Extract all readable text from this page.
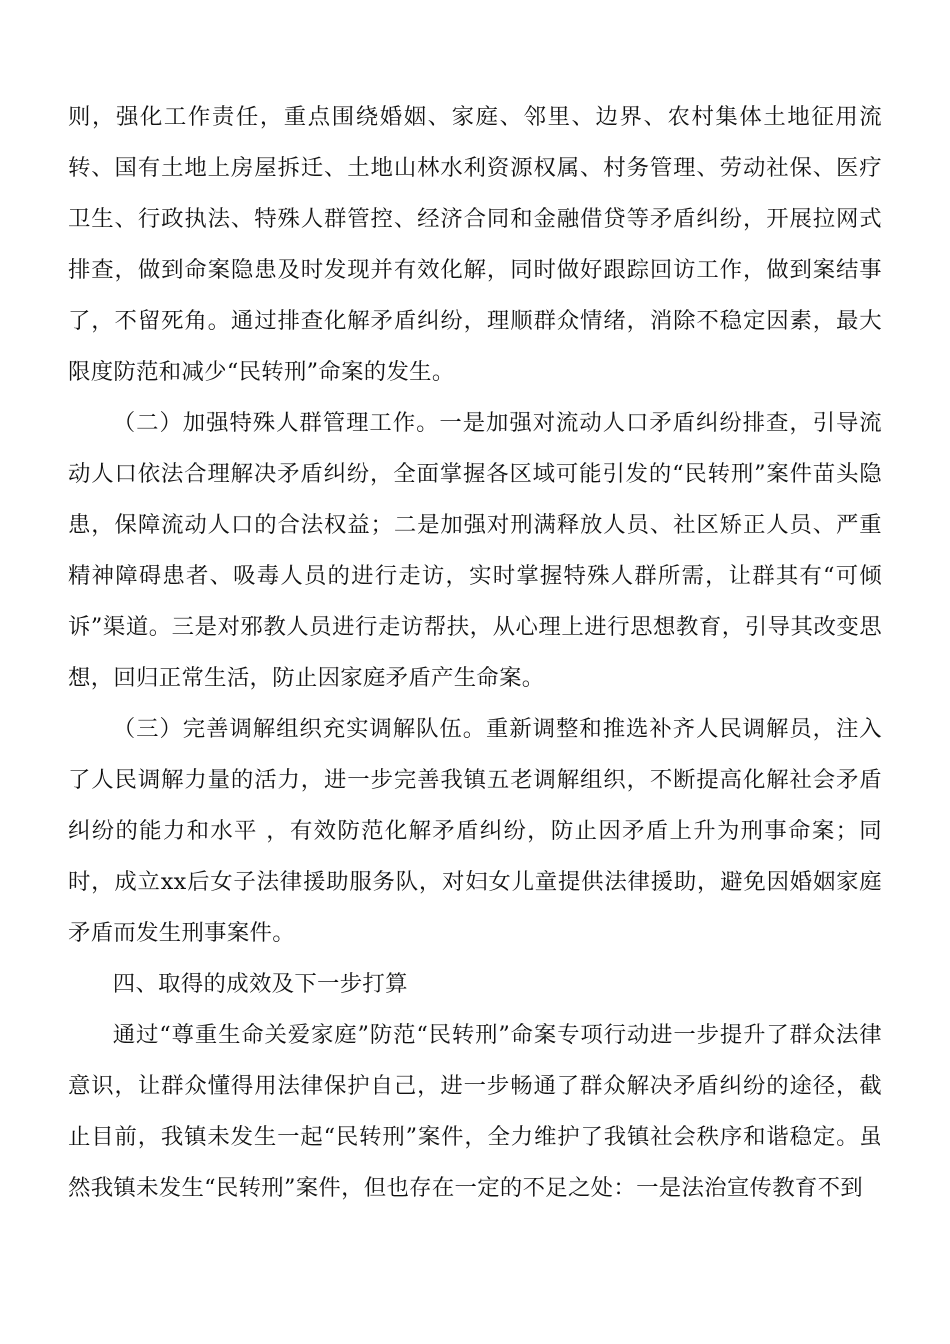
则，强化工作责任，重点围绕婚姻、家庭、邻里、边界、农村集体土地征用流转、国有土地上房屋拆迁、土地山林水利资源权属、村务管理、劳动社保、医疗卫生、行政执法、特殊人群管控、经济合同和金融借贷等矛盾纠纷，开展拉网式排查，做到命案隐患及时发现并有效化解，同时做好跟踪回访工作，做到案结事了，不留死角。通过排查化解矛盾纠纷，理顺群众情绪，消除不稳定因素，最大限度防范和减少“民转刑”命案的发生。

（二）加强特殊人群管理工作。一是加强对流动人口矛盾纠纷排查，引导流动人口依法合理解决矛盾纠纷，全面掌握各区域可能引发的“民转刑”案件苗头隐患，保障流动人口的合法权益；二是加强对刑满释放人员、社区矫正人员、严重精神障碍患者、吸毒人员的进行走访，实时掌握特殊人群所需，让群其有“可倾诉”渠道。三是对邪教人员进行走访帮扶，从心理上进行思想教育，引导其改变思想，回归正常生活，防止因家庭矛盾产生命案。

（三）完善调解组织充实调解队伍。重新调整和推选补齐人民调解员，注入了人民调解力量的活力，进一步完善我镇五老调解组织，不断提高化解社会矛盾纠纷的能力和水平 ，有效防范化解矛盾纠纷，防止因矛盾上升为刑事命案；同时，成立xx后女子法律援助服务队，对妇女儿童提供法律援助，避免因婚姻家庭矛盾而发生刑事案件。

四、取得的成效及下一步打算

通过“尊重生命关爱家庭”防范“民转刑”命案专项行动进一步提升了群众法律意识，让群众懂得用法律保护自己，进一步畅通了群众解决矛盾纠纷的途径，截止目前，我镇未发生一起“民转刑”案件，全力维护了我镇社会秩序和谐稳定。虽然我镇未发生“民转刑”案件，但也存在一定的不足之处：一是法治宣传教育不到
